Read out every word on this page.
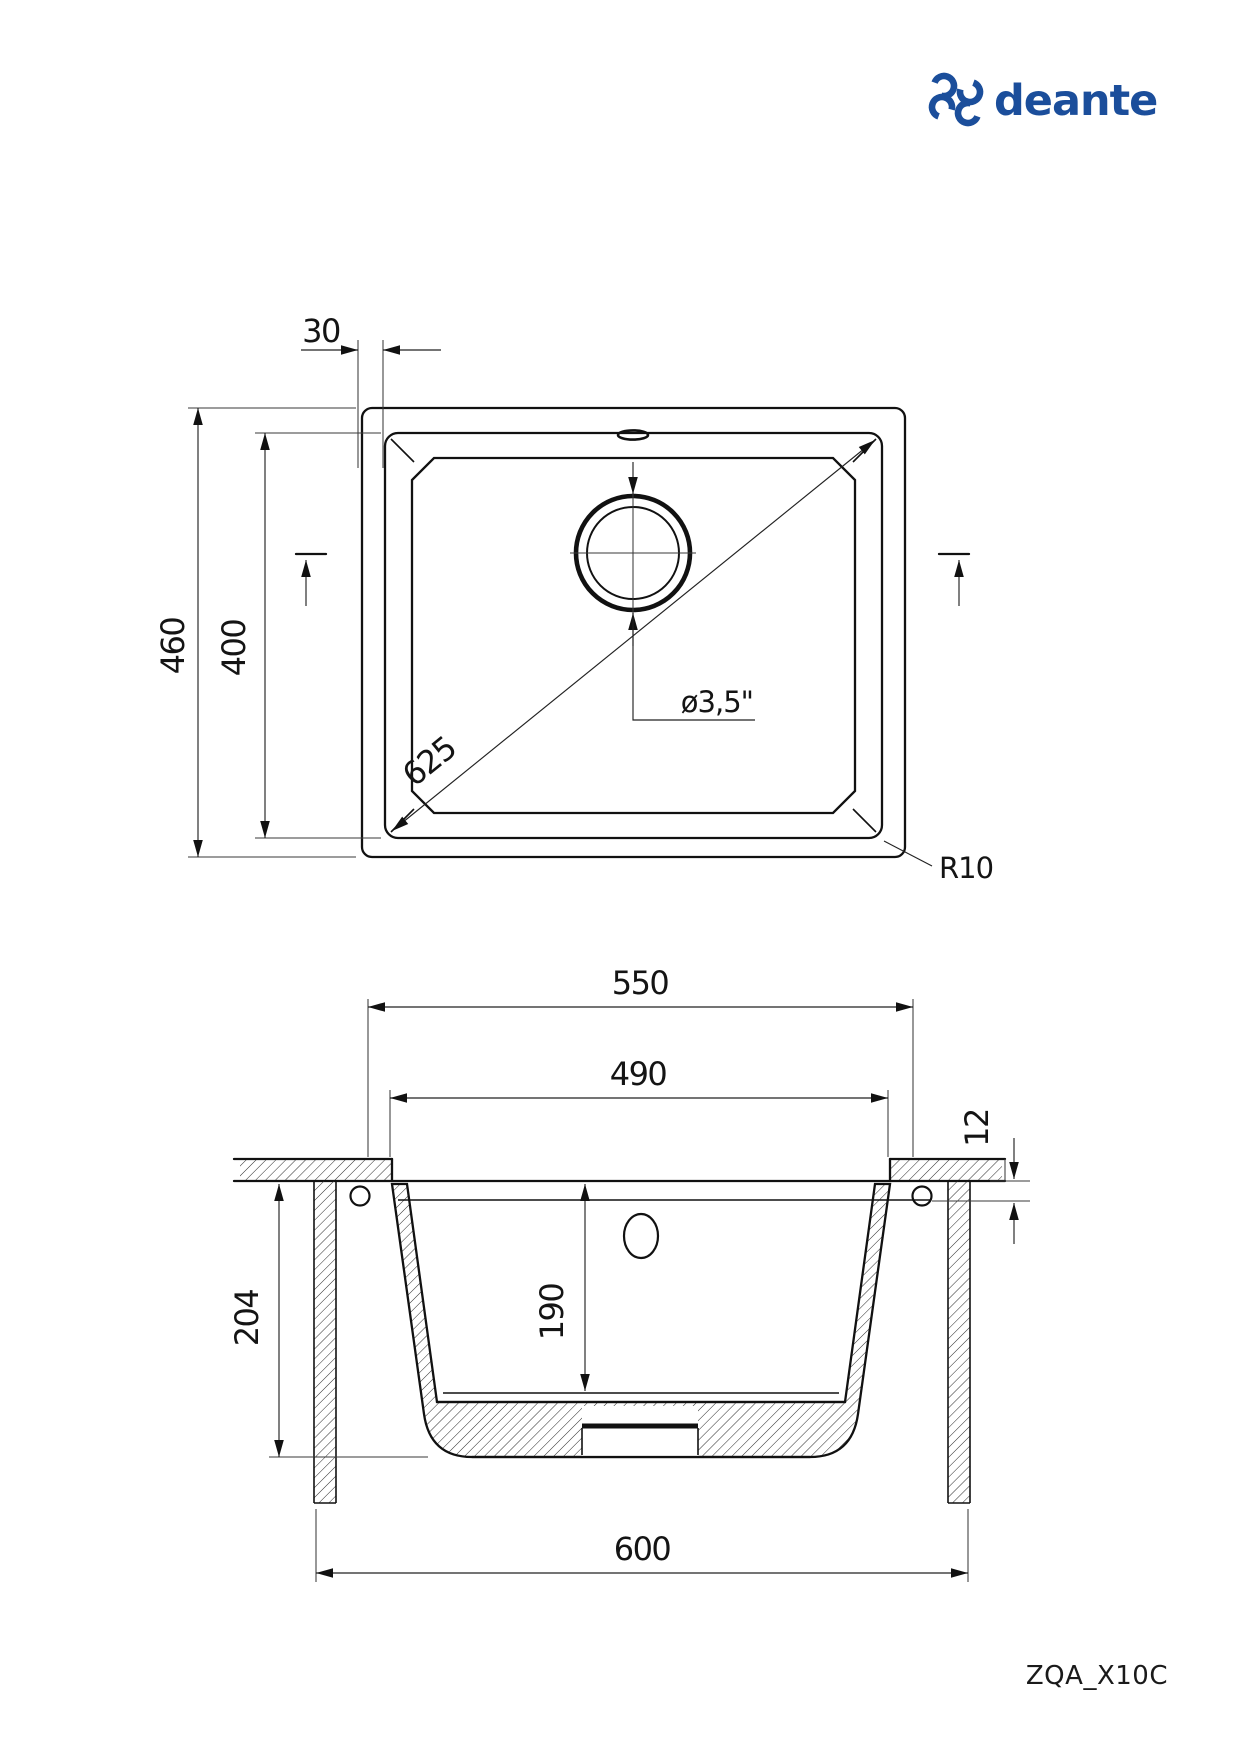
deante
ø3,5"
625
30
460 400
R10
550
490
12
204	190
600
ZQA_X10C
